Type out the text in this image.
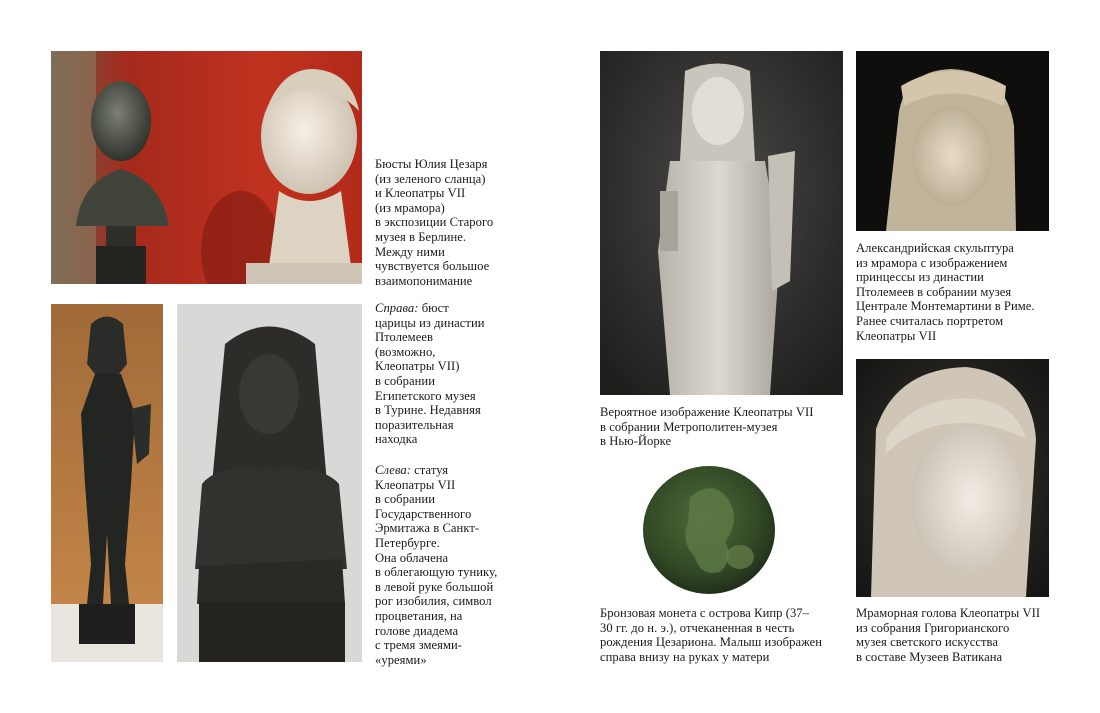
Бюсты Юлия Цезаря
(из зеленого сланца)
и Клеопатры VII
(из мрамора)
в экспозиции Старого
музея в Берлине.
Между ними
чувствуется большое
взаимопонимание
Справа: бюст
царицы из династии
Птолемеев
(возможно,
Клеопатры VII)
в собрании
Египетского музея
в Турине. Недавняя
поразительная
находка
Слева: статуя
Клеопатры VII
в собрании
Государственного
Эрмитажа в Санкт-
Петербурге.
Она облачена
в облегающую тунику,
в левой руке большой
рог изобилия, символ
процветания, на
голове диадема
с тремя змеями-
«уреями»
Вероятное изображение Клеопатры VII
в собрании Метрополитен-музея
в Нью-Йорке
Бронзовая монета с острова Кипр (37–
30 гг. до н. э.), отчеканенная в честь
рождения Цезариона. Малыш изображен
справа внизу на руках у матери
Александрийская скульптура
из мрамора с изображением
принцессы из династии
Птолемеев в собрании музея
Централе Монтемартини в Риме.
Ранее считалась портретом
Клеопатры VII
Мраморная голова Клеопатры VII
из собрания Григорианского
музея светского искусства
в составе Музеев Ватикана
